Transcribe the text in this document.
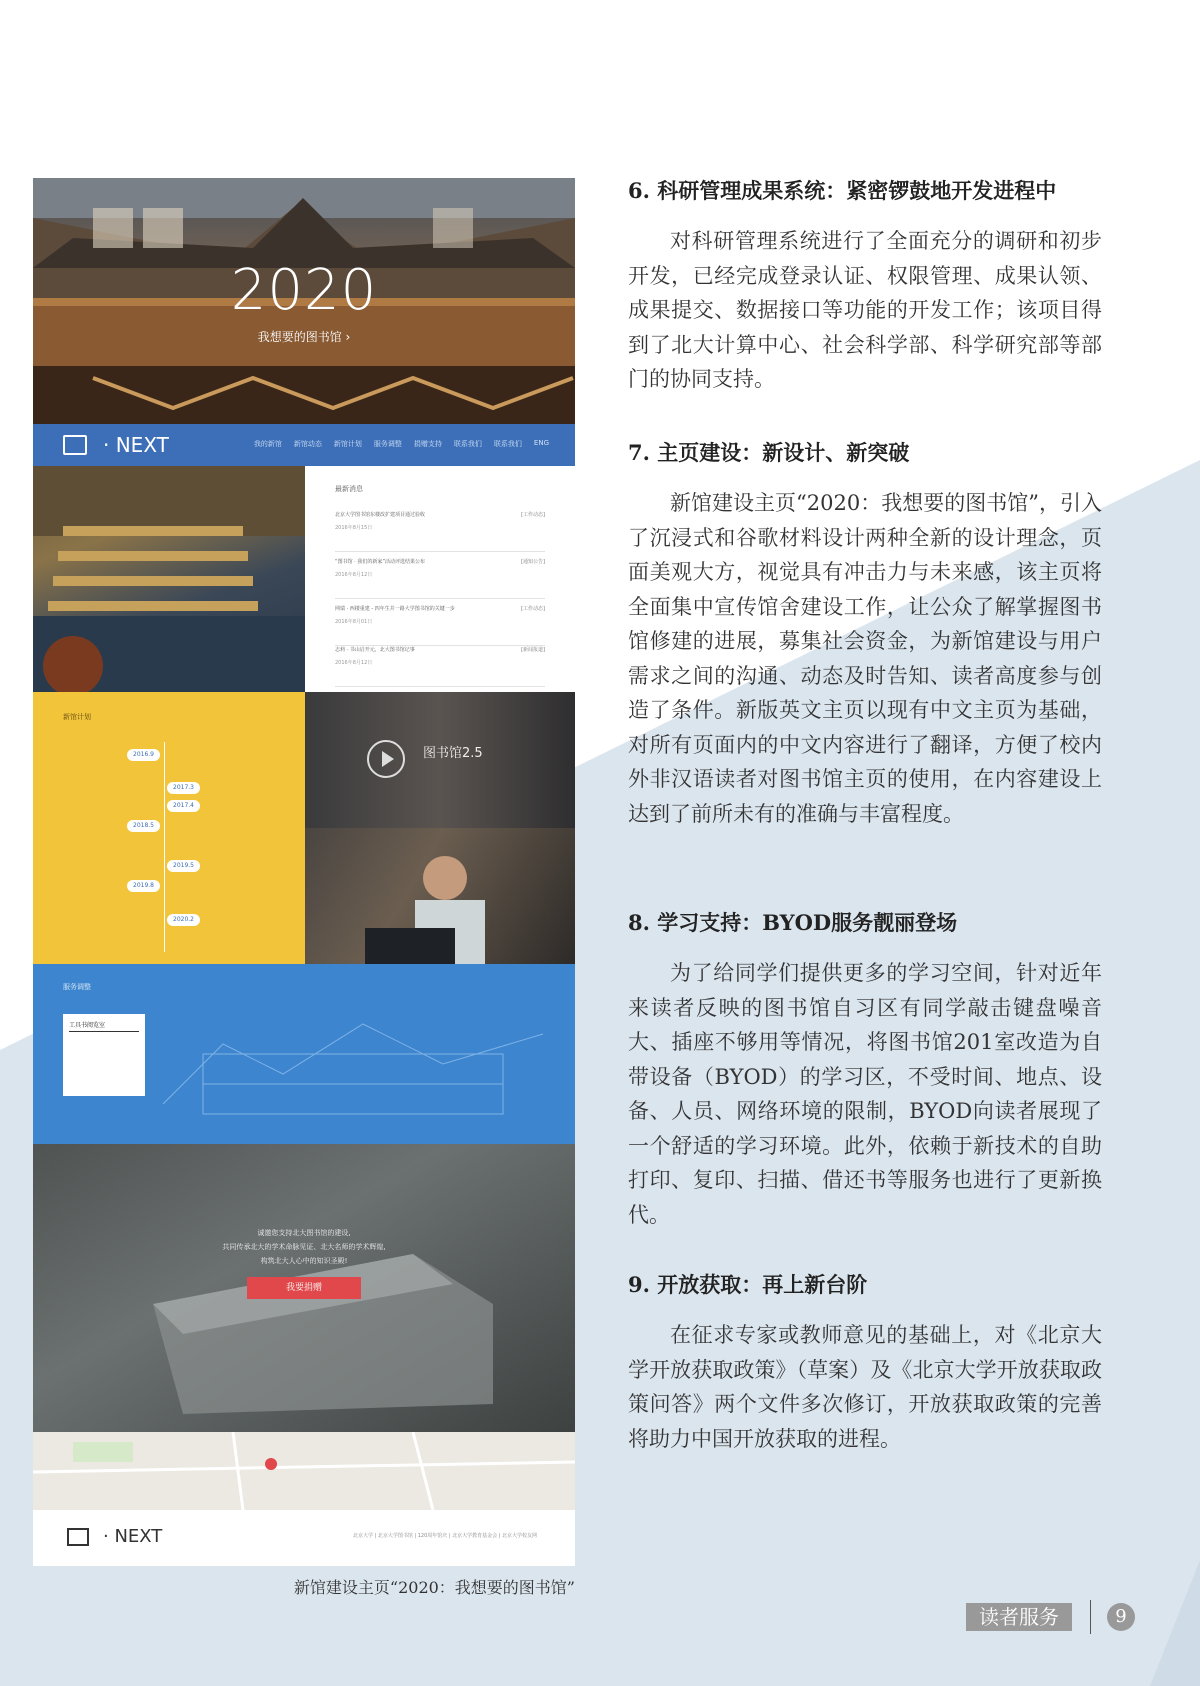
2020
我想要的图书馆 ›
· NEXT	我的新馆 新馆动态 新馆计划 服务调整 捐赠支持 联系我们 联系我们 ENG
最新消息
北京大学图书馆东楼改扩建项目通过验收
2016年8月15日
[工作动态]
“图书馆 · 我们的新家”活动评选结果公布
2016年8月12日
[通知公告]
网瑞 · 西楼重建 - 四年生并一路大学图书馆的关键一步
2016年8月01日
[工作动态]
志莉 · 书山启开元，北大图书馆记事
2016年8月12日
[新闻报道]
新馆计划
2016.9
2017.3
2017.4
2018.5
2019.5
2019.8
2020.2
图书馆2.5
服务调整
工具书阅览室
诚邀您支持北大图书馆的建设,
共同传承北大的学术命脉见证、北大名师的学术辉煌,
构筑北大人心中的知识圣殿!
我要捐赠
· NEXT	北京大学 | 北京大学图书馆 | 120周年馆庆 | 北京大学教育基金会 | 北京大学校友网
新馆建设主页“2020：我想要的图书馆”
6. 科研管理成果系统：紧密锣鼓地开发进程中

对科研管理系统进行了全面充分的调研和初步开发，已经完成登录认证、权限管理、成果认领、成果提交、数据接口等功能的开发工作；该项目得到了北大计算中心、社会科学部、科学研究部等部门的协同支持。

7. 主页建设：新设计、新突破

新馆建设主页“2020：我想要的图书馆”，引入了沉浸式和谷歌材料设计两种全新的设计理念，页面美观大方，视觉具有冲击力与未来感，该主页将全面集中宣传馆舍建设工作，让公众了解掌握图书馆修建的进展，募集社会资金，为新馆建设与用户需求之间的沟通、动态及时告知、读者高度参与创造了条件。新版英文主页以现有中文主页为基础，对所有页面内的中文内容进行了翻译，方便了校内外非汉语读者对图书馆主页的使用，在内容建设上达到了前所未有的准确与丰富程度。

8. 学习支持：BYOD服务靓丽登场

为了给同学们提供更多的学习空间，针对近年来读者反映的图书馆自习区有同学敲击键盘噪音大、插座不够用等情况，将图书馆201室改造为自带设备（BYOD）的学习区，不受时间、地点、设备、人员、网络环境的限制，BYOD向读者展现了一个舒适的学习环境。此外，依赖于新技术的自助打印、复印、扫描、借还书等服务也进行了更新换代。

9. 开放获取：再上新台阶

在征求专家或教师意见的基础上，对《北京大学开放获取政策》（草案）及《北京大学开放获取政策问答》两个文件多次修订，开放获取政策的完善将助力中国开放获取的进程。

读者服务	9
